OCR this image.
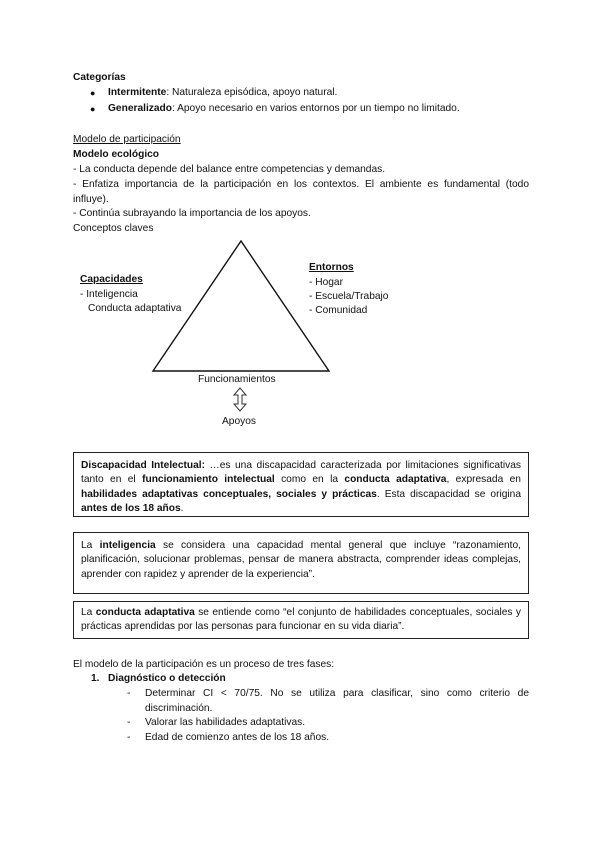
Categorías
● Intermitente: Naturaleza episódica, apoyo natural.
● Generalizado: Apoyo necesario en varios entornos por un tiempo no limitado.
Modelo de participación
Modelo ecológico
- La conducta depende del balance entre competencias y demandas.
- Enfatiza importancia de la participación en los contextos. El ambiente es fundamental (todo influye).
- Continúa subrayando la importancia de los apoyos.
Conceptos claves
Capacidades
- Inteligencia
Conducta adaptativa
Entornos
- Hogar
- Escuela/Trabajo
- Comunidad
Funcionamientos
Apoyos
Discapacidad Intelectual: …es una discapacidad caracterizada por limitaciones significativas tanto en el funcionamiento intelectual como en la conducta adaptativa, expresada en habilidades adaptativas conceptuales, sociales y prácticas. Esta discapacidad se origina antes de los 18 años.
La inteligencia se considera una capacidad mental general que incluye “razonamiento, planificación, solucionar problemas, pensar de manera abstracta, comprender ideas complejas, aprender con rapidez y aprender de la experiencia”.
La conducta adaptativa se entiende como “el conjunto de habilidades conceptuales, sociales y prácticas aprendidas por las personas para funcionar en su vida diaria”.
El modelo de la participación es un proceso de tres fases:
1. Diagnóstico o detección
- Determinar CI < 70/75. No se utiliza para clasificar, sino como criterio de discriminación.
- Valorar las habilidades adaptativas.
- Edad de comienzo antes de los 18 años.
